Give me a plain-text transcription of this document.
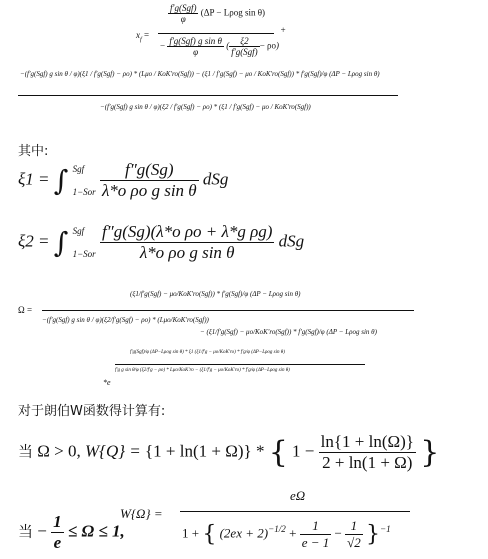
$x_f$ =
$\frac{\text{f′g(Sgf)}}{\varphi} (\Delta P - L\rho og$ sin θ)
− $\frac{\text{f′g(Sgf) g sin θ}}{\varphi}$ ( $\frac{\xi 2}{\text{f′g(Sgf)}} - \rho o$)
+
−(f′g(Sgf) g sin θ / φ)(ξ1 / f′g(Sgf) − ρo) * (Lμo / KoK′ro(Sgf)) − (ξ1 / f′g(Sgf) − μo / KoK′ro(Sgf)) * f′g(Sgf)/φ (ΔP − Lρog sin θ)
−(f′g(Sgf) g sin θ / φ)(ξ2 / f′g(Sgf) − ρo) * (ξ1 / f′g(Sgf) − μo / KoK′ro(Sgf))
其中:
ξ1 = ∫ Sgf
1−Sor
$\frac{f''g(Sg)}{\text{λ*o ρo g sin θ}}$ dSg
ξ2 = ∫ Sgf
1−Sor
$\frac{\text{f″g(Sg)(λ*o ρo + λ*g ρg)}}{\text{λ*o ρo g sin θ}}$ dSg
Ω =
(ξ1/f′g(Sgf) − μo/KoK′ro(Sgf)) * f′g(Sgf)/φ (ΔP − Lρog sin θ)
−(f′g(Sgf) g sin θ / φ)(ξ2/f′g(Sgf) − ρo) * (Lμo/KoK′ro(Sgf))
− (ξ1/f′g(Sgf) − μo/KoK′ro(Sgf)) * f′g(Sgf)/φ (ΔP − Lρog sin θ)
*e
f′g(Sgf)/φ (ΔP−Lρog sin θ) * ξ1 (ξ1/f′g − μo/KoK′ro) * f′g/φ (ΔP−Lρog sin θ)
f′g g sin θ/φ (ξ2/f′g − ρo) * Lμo/KoK′ro − (ξ1/f′g − μo/KoK′ro) * f′g/φ (ΔP−Lρog sin θ)
对于朗伯W函数得计算有:
当 Ω > 0, W{Q} = {1 + ln(1 + Ω)} * { $1 - \frac{\ln\{1 + \ln(\Omega)\}}{2 + \ln(1 + \Omega)}$ }
当 − $\frac{1}{e} \le \Omega \le 1$,
W{Ω} =
eΩ
1 + { $(2ex + 2)^{-1/2} + \frac{1}{e - 1} - \frac{1}{√2} \}^{-1}$
